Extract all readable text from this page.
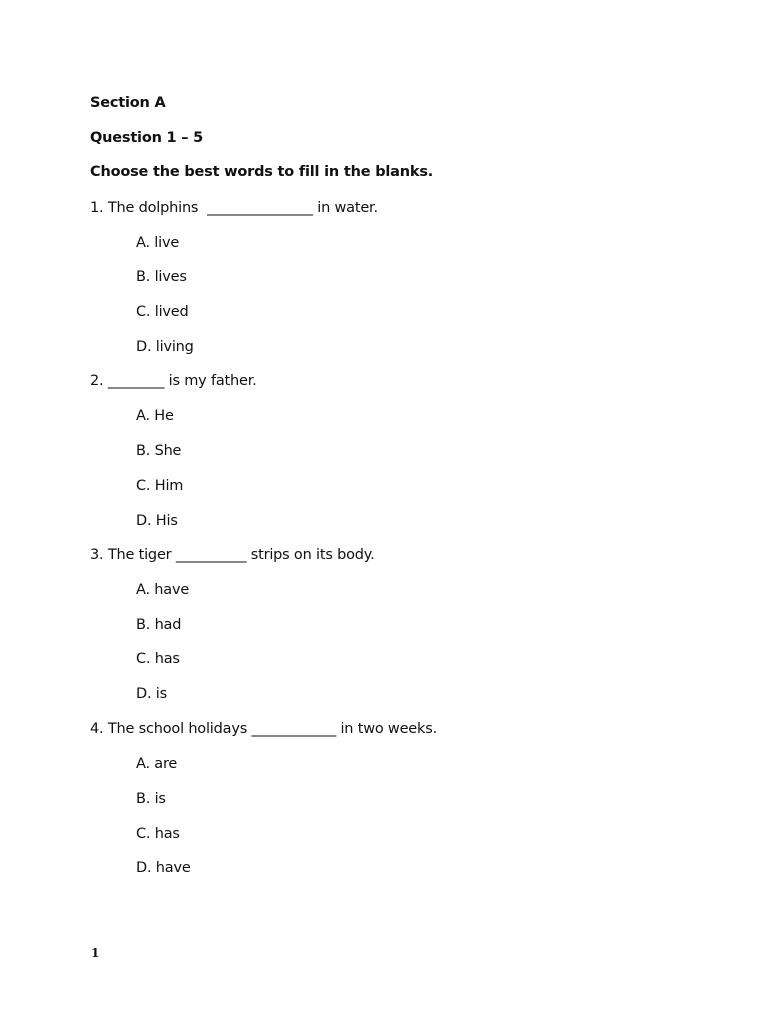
Section A
Question 1 – 5
Choose the best words to fill in the blanks.
1. The dolphins  _______________ in water.
A. live
B. lives
C. lived
D. living
2. ________ is my father.
A. He
B. She
C. Him
D. His
3. The tiger __________ strips on its body.
A. have
B. had
C. has
D. is
4. The school holidays ____________ in two weeks.
A. are
B. is
C. has
D. have
1
